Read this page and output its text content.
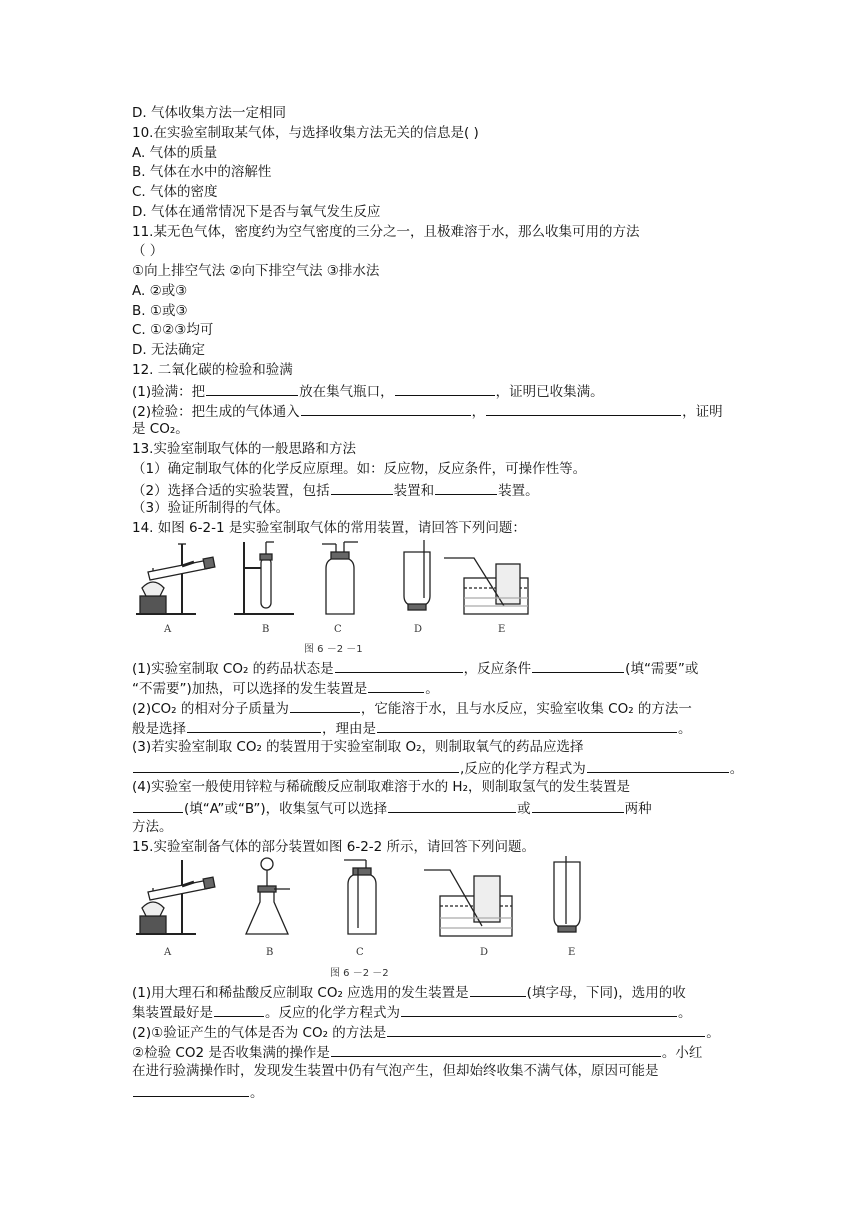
D. 气体收集方法一定相同
10.在实验室制取某气体，与选择收集方法无关的信息是( )
A. 气体的质量
B. 气体在水中的溶解性
C. 气体的密度
D. 气体在通常情况下是否与氧气发生反应
11.某无色气体，密度约为空气密度的三分之一，且极难溶于水，那么收集可用的方法
（ ）
①向上排空气法 ②向下排空气法 ③排水法
A. ②或③
B. ①或③
C. ①②③均可
D. 无法确定
12. 二氧化碳的检验和验满
(1)验满：把	放在集气瓶口，	，证明已收集满。
(2)检验：把生成的气体通入	，	，证明
是 CO₂。
13.实验室制取气体的一般思路和方法
（1）确定制取气体的化学反应原理。如：反应物，反应条件，可操作性等。
（2）选择合适的实验装置，包括	装置和	装置。
（3）验证所制得的气体。
14. 如图 6-2-1 是实验室制取气体的常用装置，请回答下列问题：
A	B	C	D	E
图 6 －2 －1
(1)实验室制取 CO₂ 的药品状态是	，反应条件	(填“需要”或
“不需要”)加热，可以选择的发生装置是	。
(2)CO₂ 的相对分子质量为	，它能溶于水，且与水反应，实验室收集 CO₂ 的方法一
般是选择	，理由是	。
(3)若实验室制取 CO₂ 的装置用于实验室制取 O₂，则制取氧气的药品应选择
,反应的化学方程式为	。
(4)实验室一般使用锌粒与稀硫酸反应制取难溶于水的 H₂，则制取氢气的发生装置是
(填“A”或“B”)，收集氢气可以选择	或	两种
方法。
15.实验室制备气体的部分装置如图 6-2-2 所示，请回答下列问题。
A	B	C	D	E
图 6 －2 －2
(1)用大理石和稀盐酸反应制取 CO₂ 应选用的发生装置是	(填字母，下同)，选用的收
集装置最好是	。反应的化学方程式为	。
(2)①验证产生的气体是否为 CO₂ 的方法是	。
②检验 CO2 是否收集满的操作是	。小红
在进行验满操作时，发现发生装置中仍有气泡产生，但却始终收集不满气体，原因可能是
。
